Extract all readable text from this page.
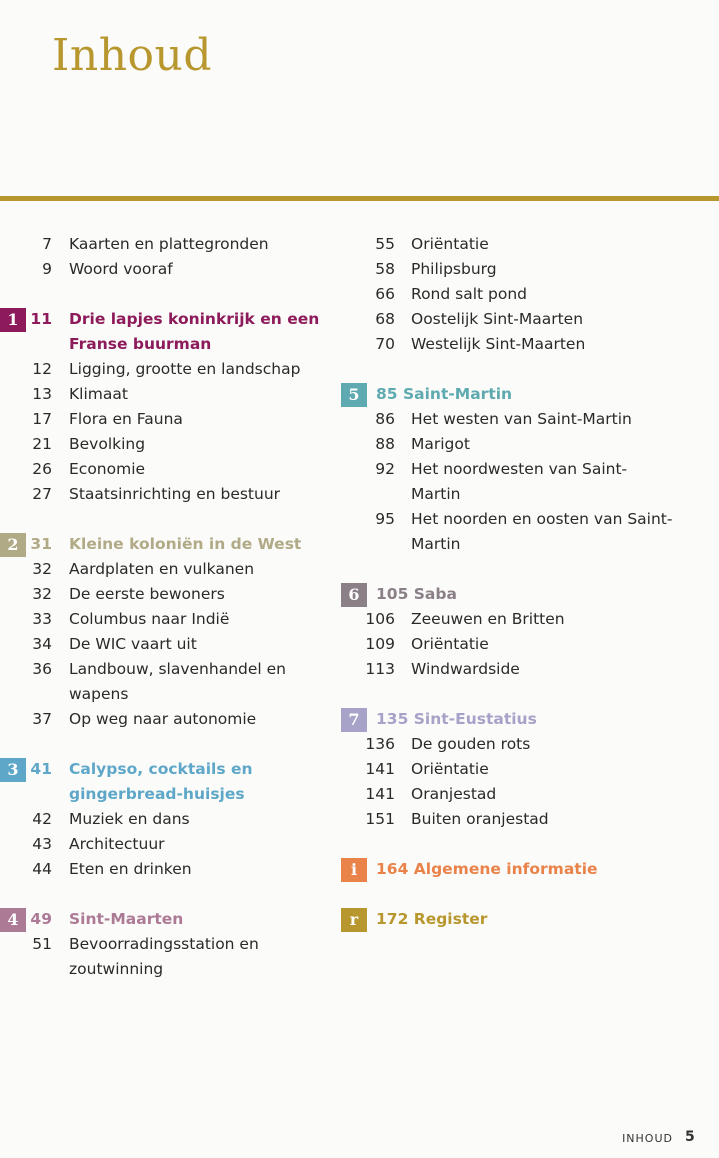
Inhoud
7 Kaarten en plattegronden
9 Woord vooraf
1 11 Drie lapjes koninkrijk en een
Franse buurman
12 Ligging, grootte en landschap
13 Klimaat
17 Flora en Fauna
21 Bevolking
26 Economie
27 Staatsinrichting en bestuur
2 31 Kleine koloniën in de West
32 Aardplaten en vulkanen
32 De eerste bewoners
33 Columbus naar Indië
34 De WIC vaart uit
36 Landbouw, slavenhandel en
wapens
37 Op weg naar autonomie
3 41 Calypso, cocktails en
gingerbread-huisjes
42 Muziek en dans
43 Architectuur
44 Eten en drinken
4 49 Sint-Maarten
51 Bevoorradingsstation en
zoutwinning
55 Oriëntatie
58 Philipsburg
66 Rond salt pond
68 Oostelijk Sint-Maarten
70 Westelijk Sint-Maarten
5	85 Saint-Martin
86 Het westen van Saint-Martin
88 Marigot
92 Het noordwesten van Saint-
Martin
95 Het noorden en oosten van Saint-
Martin
6	105 Saba
106 Zeeuwen en Britten
109 Oriëntatie
113 Windwardside
7	135 Sint-Eustatius
136 De gouden rots
141 Oriëntatie
141 Oranjestad
151 Buiten oranjestad
i	164 Algemene informatie
r	172 Register
INHOUD 5
